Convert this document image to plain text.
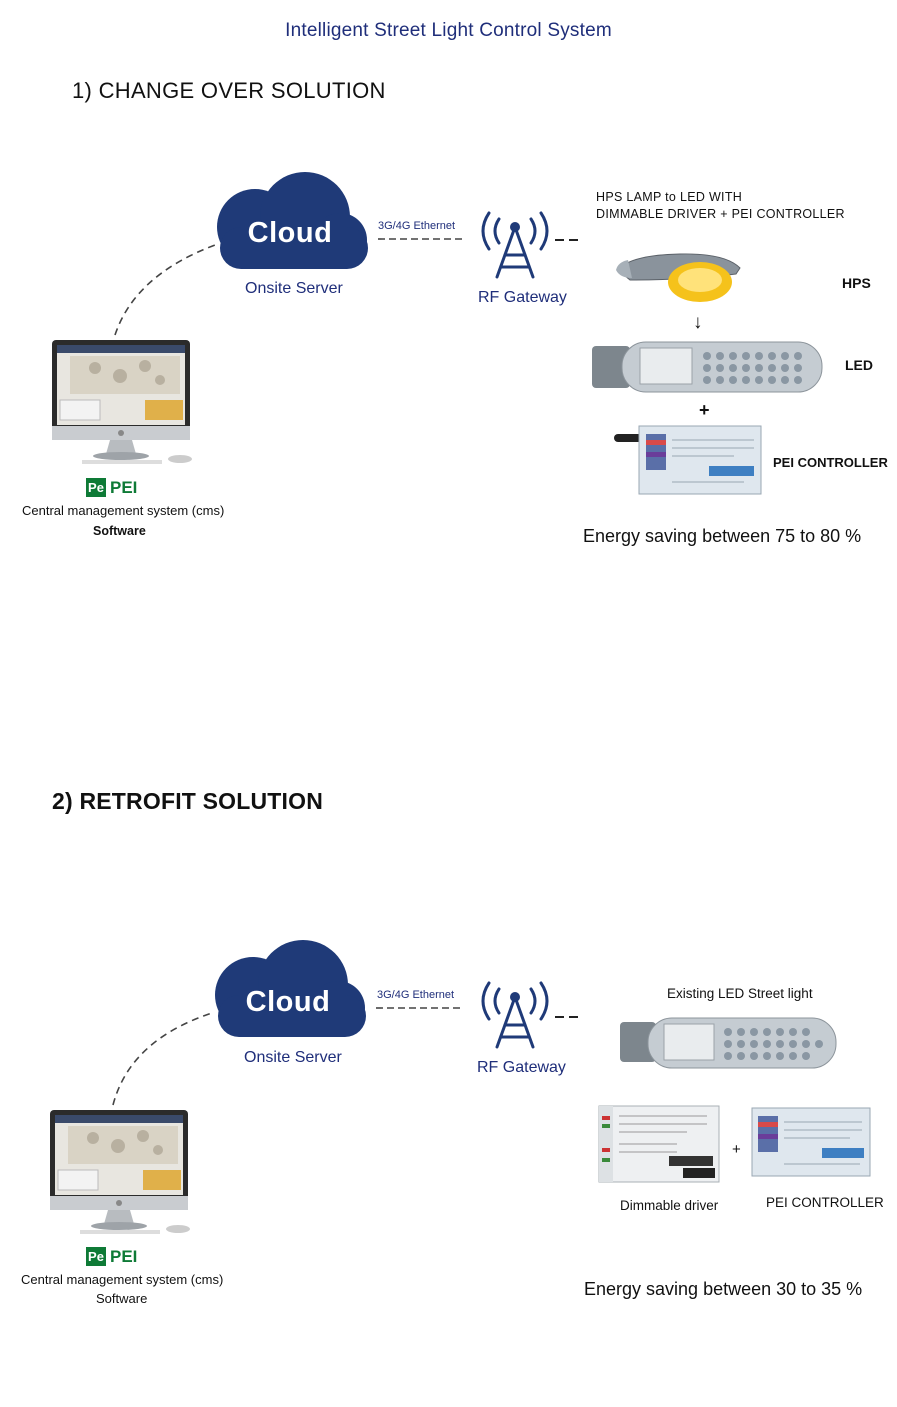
Intelligent Street Light Control System
1) CHANGE OVER SOLUTION
Cloud
Onsite Server
3G/4G Ethernet
RF Gateway
HPS LAMP to LED WITH
DIMMABLE DRIVER + PEI CONTROLLER
HPS
↓
LED
+
PEI CONTROLLER
Pe PEI
Central management system (cms)
Software	Energy saving between 75 to 80 %
2) RETROFIT SOLUTION
Cloud
Onsite Server
3G/4G Ethernet
RF Gateway
Existing LED Street light
+
Dimmable driver	PEI CONTROLLER
Pe PEI
Central management system (cms)
Software	Energy saving between 30 to 35 %
